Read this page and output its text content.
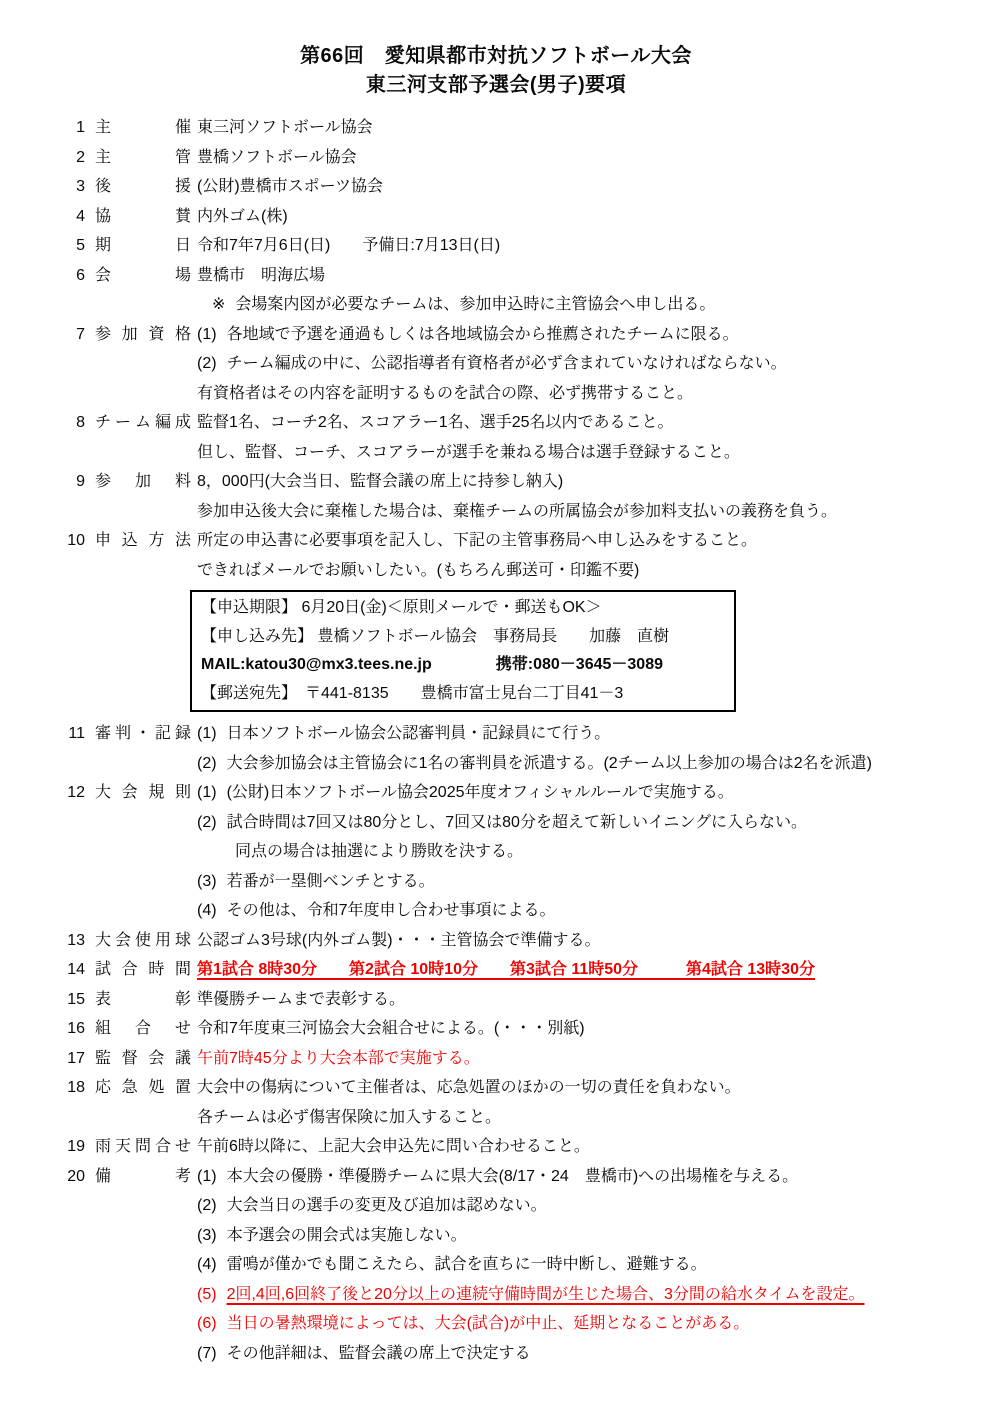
第66回　愛知県都市対抗ソフトボール大会
東三河支部予選会(男子)要項
1 主　催 東三河ソフトボール協会
2 主　管 豊橋ソフトボール協会
3 後　援 (公財)豊橋市スポーツ協会
4 協　賛 内外ゴム(株)
5 期　日 令和7年7月6日(日)　　予備日:7月13日(日)
6 会　場 豊橋市　明海広場
※ 会場案内図が必要なチームは、参加申込時に主管協会へ申し出る。
7 参加資格 (1) 各地域で予選を通過もしくは各地域協会から推薦されたチームに限る。
(2) チーム編成の中に、公認指導者有資格者が必ず含まれていなければならない。
有資格者はその内容を証明するものを試合の際、必ず携帯すること。
8 チーム編成 監督1名、コーチ2名、スコアラー1名、選手25名以内であること。
但し、監督、コーチ、スコアラーが選手を兼ねる場合は選手登録すること。
9 参 加 料 8，000円(大会当日、監督会議の席上に持参し納入)
参加申込後大会に棄権した場合は、棄権チームの所属協会が参加料支払いの義務を負う。
10 申込方法 所定の申込書に必要事項を記入し、下記の主管事務局へ申し込みをすること。
できればメールでお願いしたい。(もちろん郵送可・印鑑不要)
【申込期限】 6月20日(金)＜原則メールで・郵送もOK＞
【申し込み先】 豊橋ソフトボール協会　事務局長　　加藤　直樹
MAIL:katou30@mx3.tees.ne.jp　　　　携帯:080－3645－3089
【郵送宛先】　〒441-8135　　豊橋市富士見台二丁目41－3
11 審判・記録 (1) 日本ソフトボール協会公認審判員・記録員にて行う。
(2) 大会参加協会は主管協会に1名の審判員を派遣する。(2チーム以上参加の場合は2名を派遣)
12 大会規則 (1) (公財)日本ソフトボール協会2025年度オフィシャルルールで実施する。
(2) 試合時間は7回又は80分とし、7回又は80分を超えて新しいイニングに入らない。
同点の場合は抽選により勝敗を決する。
(3) 若番が一塁側ベンチとする。
(4) その他は、令和7年度申し合わせ事項による。
13 大会使用球 公認ゴム3号球(内外ゴム製)・・・主管協会で準備する。
14 試合時間 第1試合 8時30分　　第2試合 10時10分　　第3試合 11時50分　　　第4試合 13時30分
15 表　彰 準優勝チームまで表彰する。
16 組 合 せ 令和7年度東三河協会大会組合せによる。(・・・別紙)
17 監督会議 午前7時45分より大会本部で実施する。
18 応急処置 大会中の傷病について主催者は、応急処置のほかの一切の責任を負わない。
各チームは必ず傷害保険に加入すること。
19 雨天問合せ 午前6時以降に、上記大会申込先に問い合わせること。
20 備　考 (1) 本大会の優勝・準優勝チームに県大会(8/17・24　豊橋市)への出場権を与える。
(2) 大会当日の選手の変更及び追加は認めない。
(3) 本予選会の開会式は実施しない。
(4) 雷鳴が僅かでも聞こえたら、試合を直ちに一時中断し、避難する。
(5) 2回,4回,6回終了後と20分以上の連続守備時間が生じた場合、3分間の給水タイムを設定。
(6) 当日の暑熱環境によっては、大会(試合)が中止、延期となることがある。
(7) その他詳細は、監督会議の席上で決定する
